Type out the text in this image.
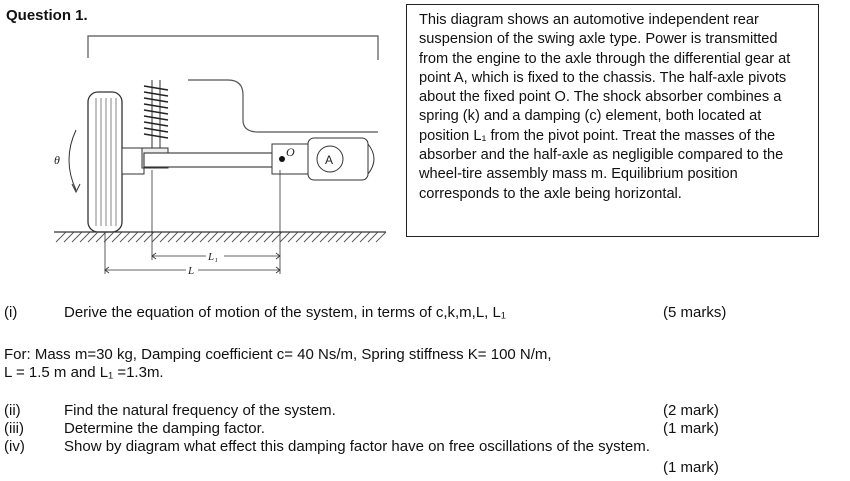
Question 1.
O
A
θ
L₁
L
This diagram shows an automotive independent rear suspension of the swing axle type. Power is transmitted from the engine to the axle through the differential gear at point A, which is fixed to the chassis. The half-axle pivots about the fixed point O. The shock absorber combines a spring (k) and a damping (c) element, both located at position L₁ from the pivot point. Treat the masses of the absorber and the half-axle as negligible compared to the wheel-tire assembly mass m. Equilibrium position corresponds to the axle being horizontal.
(i)	Derive the equation of motion of the system, in terms of c,k,m,L, L₁	(5 marks)
For: Mass m=30 kg, Damping coefficient c= 40 Ns/m, Spring stiffness K= 100 N/m,
L = 1.5 m and L₁ =1.3m.
(ii)	Find the natural frequency of the system.	(2 mark)
(iii)	Determine the damping factor.	(1 mark)
(iv)	Show by diagram what effect this damping factor have on free oscillations of the system.
(1 mark)
